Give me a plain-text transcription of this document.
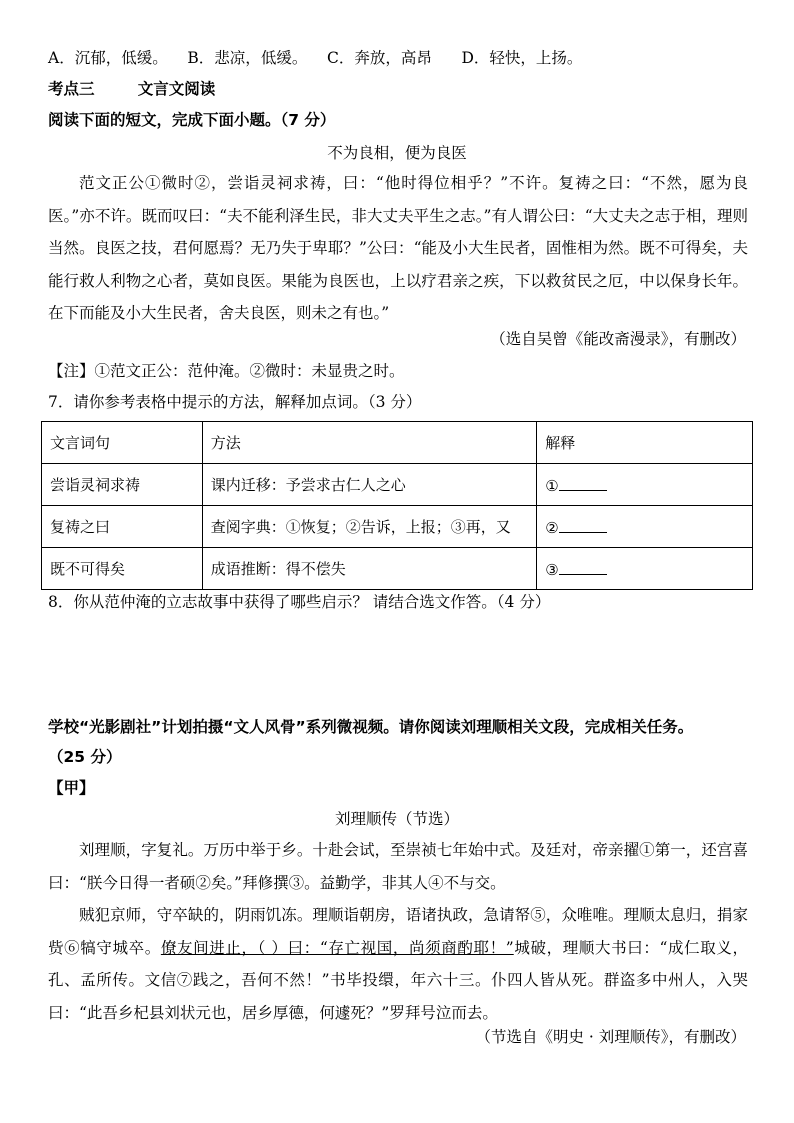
A．沉郁，低缓。 B．悲凉，低缓。 C．奔放，高昂 D．轻快，上扬。
考点三	文言文阅读
阅读下面的短文，完成下面小题。（7 分）
不为良相，便为良医
范文正公①微时②，尝诣灵祠求祷，曰：“他时得位相乎？”不许。复祷之曰：“不然，愿为良医。”亦不许。既而叹曰：“夫不能利泽生民，非大丈夫平生之志。”有人谓公曰：“大丈夫之志于相，理则当然。良医之技，君何愿焉？无乃失于卑耶？”公曰：“能及小大生民者，固惟相为然。既不可得矣，夫能行救人利物之心者，莫如良医。果能为良医也，上以疗君亲之疾，下以救贫民之厄，中以保身长年。在下而能及小大生民者，舍夫良医，则未之有也。”
（选自吴曾《能改斋漫录》，有删改）
【注】①范文正公：范仲淹。②微时：未显贵之时。
7．请你参考表格中提示的方法，解释加点词。（3 分）
文言词句	方法	解释
尝诣灵祠求祷	课内迁移：予尝求古仁人之心	①
复祷之曰	查阅字典：①恢复；②告诉，上报；③再，又	②
既不可得矣	成语推断：得不偿失	③
8．你从范仲淹的立志故事中获得了哪些启示？ 请结合选文作答。（4 分）
学校“光影剧社”计划拍摄“文人风骨”系列微视频。请你阅读刘理顺相关文段，完成相关任务。
（25 分）
【甲】
刘理顺传（节选）
刘理顺，字复礼。万历中举于乡。十赴会试，至崇祯七年始中式。及廷对，帝亲擢①第一，还宫喜曰：“朕今日得一者硕②矣。”拜修撰③。益勤学，非其人④不与交。
贼犯京师，守卒缺的，阴雨饥冻。理顺诣朝房，语诸执政，急请帑⑤，众唯唯。理顺太息归，捐家赀⑥犒守城卒。僚友间进止，（ ）曰：“存亡视国，尚须商酌耶！”城破，理顺大书曰：“成仁取义，孔、孟所传。文信⑦践之，吾何不然！”书毕投缳，年六十三。仆四人皆从死。群盗多中州人，入哭曰：“此吾乡杞县刘状元也，居乡厚德，何遽死？”罗拜号泣而去。
（节选自《明史 · 刘理顺传》，有删改）
